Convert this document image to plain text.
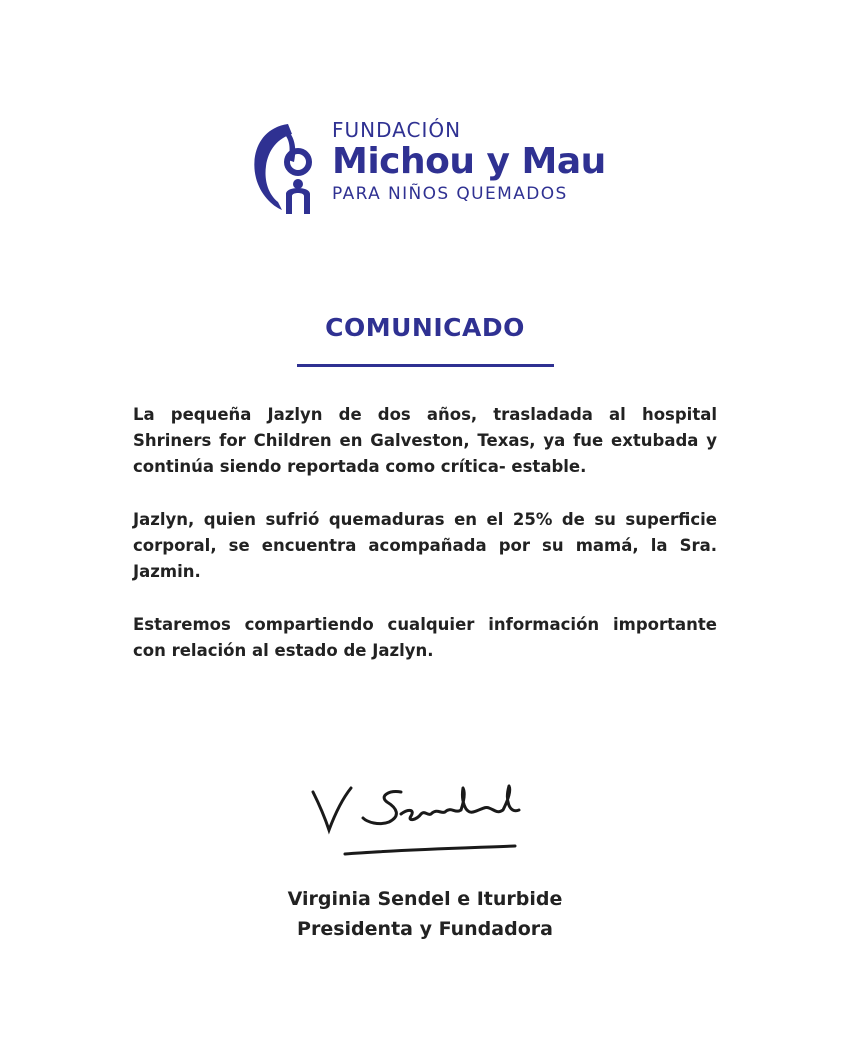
FUNDACIÓN
Michou y Mau
PARA NIÑOS QUEMADOS
COMUNICADO

La pequeña Jazlyn de dos años, trasladada al hospital Shriners for Children en Galveston, Texas, ya fue extubada y continúa siendo reportada como crítica- estable.

Jazlyn, quien sufrió quemaduras en el 25% de su superficie corporal, se encuentra acompañada por su mamá, la Sra. Jazmin.

Estaremos compartiendo cualquier información importante con relación al estado de Jazlyn.

Virginia Sendel e Iturbide
Presidenta y Fundadora
